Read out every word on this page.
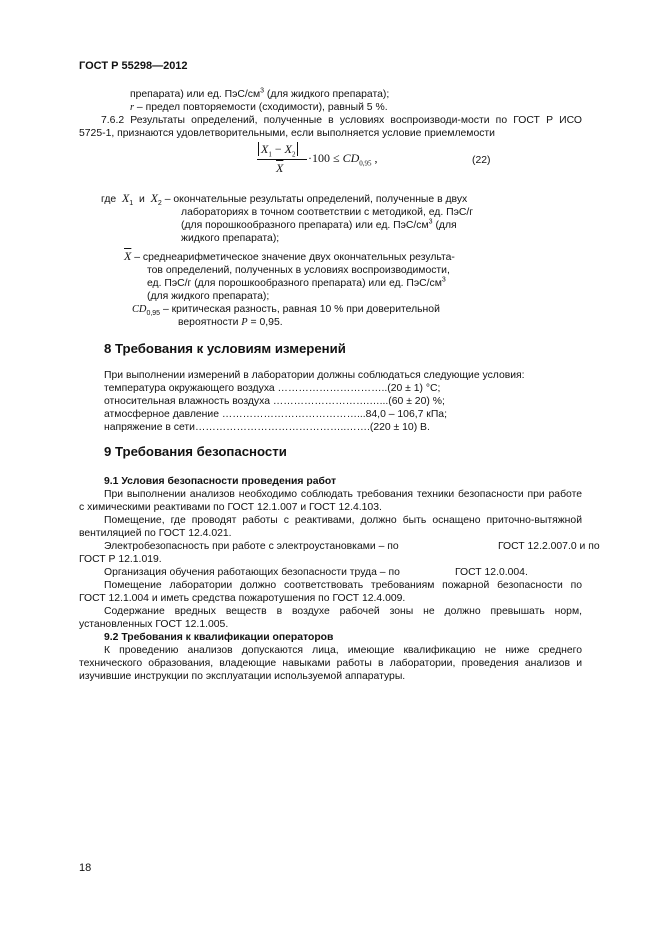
ГОСТ Р 55298—2012
препарата) или ед. ПэС/$см^3$ (для жидкого препарата);
r – предел повторяемости (сходимости), равный 5 %.
7.6.2 Результаты определений, полученные в условиях воспроизводи-мости по ГОСТ Р ИСО
5725-1, признаются удовлетворительными, если выполняется условие приемлемости
$X_1 - X_2$
$\overline{X}$
$\cdot 100 \le CD_{0,95}$ ,	(22)
где $X_1$ и $X_2$ – окончательные результаты определений, полученные в двух
лабораториях в точном соответствии с методикой, ед. ПэС/г
(для порошкообразного препарата) или ед. ПэС/$см^3$ (для
жидкого препарата);
$\overline{X}$ – среднеарифметическое значение двух окончательных результа-
тов определений, полученных в условиях воспроизводимости,
ед. ПэС/г (для порошкообразного препарата) или ед. ПэС/$см^3$
(для жидкого препарата);
$CD_{0,95}$ – критическая разность, равная 10 % при доверительной
вероятности P = 0,95.
8 Требования к условиям измерений
При выполнении измерений в лаборатории должны соблюдаться следующие условия:
температура окружающего воздуха …………………………..(20 ± 1) °С;
относительная влажность воздуха ……………………….…...(60 ± 20) %;
атмосферное давление …………………………………...84,0 – 106,7 кПа;
напряжение в сети……………………………………..…….(220 ± 10) В.
9 Требования безопасности
9.1 Условия безопасности проведения работ
При выполнении анализов необходимо соблюдать требования техники безопасности при работе
с химическими реактивами по ГОСТ 12.1.007 и ГОСТ 12.4.103.
Помещение, где проводят работы с реактивами, должно быть оснащено приточно-вытяжной
вентиляцией по ГОСТ 12.4.021.
Электробезопасность при работе с электроустановками – по	ГОСТ 12.2.007.0 и по
ГОСТ Р 12.1.019.
Организация обучения работающих безопасности труда – по	ГОСТ 12.0.004.
Помещение лаборатории должно соответствовать требованиям пожарной безопасности по
ГОСТ 12.1.004 и иметь средства пожаротушения по ГОСТ 12.4.009.
Содержание вредных веществ в воздухе рабочей зоны не должно превышать норм,
установленных ГОСТ 12.1.005.
9.2 Требования к квалификации операторов
К проведению анализов допускаются лица, имеющие квалификацию не ниже среднего
технического образования, владеющие навыками работы в лаборатории, проведения анализов и
изучившие инструкции по эксплуатации используемой аппаратуры.
18
